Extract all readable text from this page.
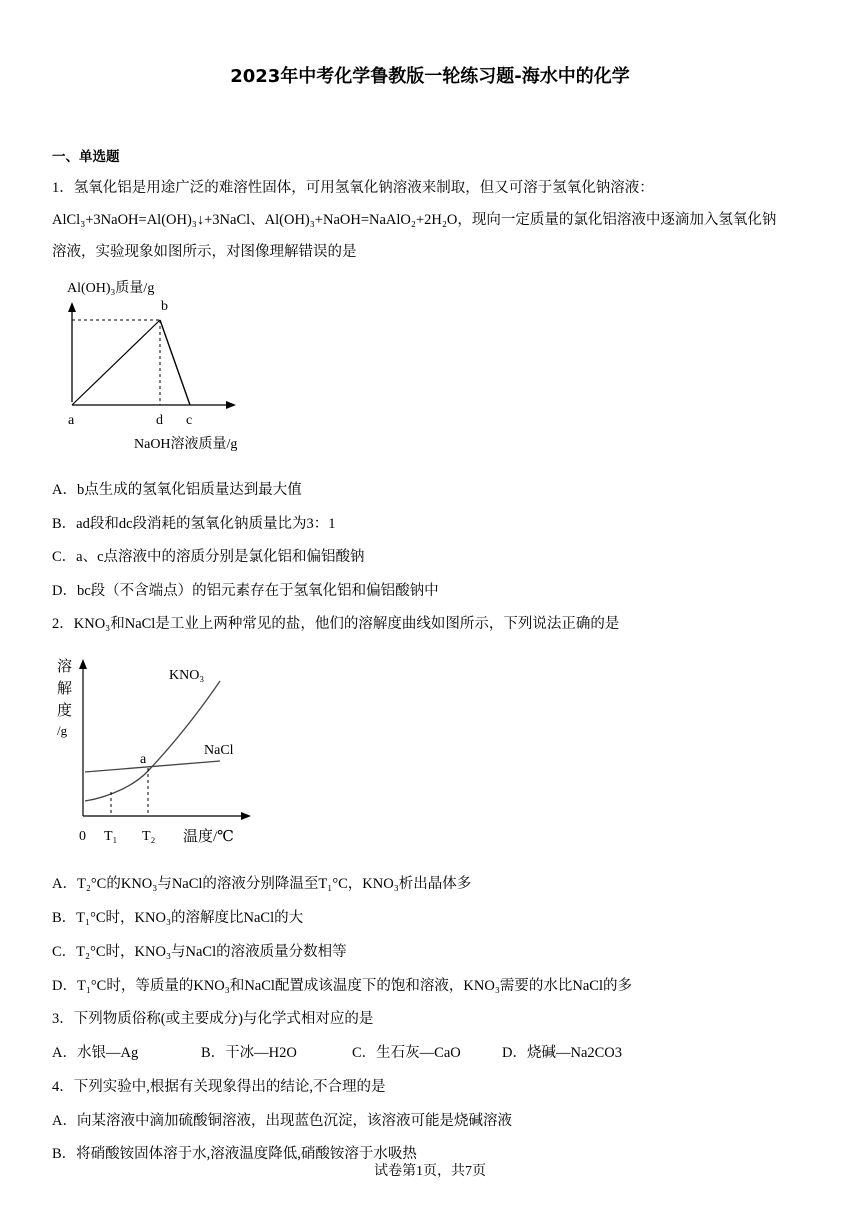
2023年中考化学鲁教版一轮练习题-海水中的化学
一、单选题
1．氢氧化铝是用途广泛的难溶性固体，可用氢氧化钠溶液来制取，但又可溶于氢氧化钠溶液：
AlCl₃+3NaOH=Al(OH)₃↓+3NaCl、Al(OH)₃+NaOH=NaAlO₂+2H₂O，现向一定质量的氯化铝溶液中逐滴加入氢氧化钠
溶液，实验现象如图所示，对图像理解错误的是
Al(OH)₃质量/g
b
a	d c
NaOH溶液质量/g
A．b点生成的氢氧化铝质量达到最大值
B．ad段和dc段消耗的氢氧化钠质量比为3：1
C．a、c点溶液中的溶质分别是氯化铝和偏铝酸钠
D．bc段（不含端点）的铝元素存在于氢氧化铝和偏铝酸钠中
2．KNO₃和NaCl是工业上两种常见的盐，他们的溶解度曲线如图所示，下列说法正确的是
溶
解
度
/g
KNO₃
NaCl
a
0 T₁ T₂ 温度/℃
A．T₂°C的KNO₃与NaCl的溶液分别降温至T₁°C，KNO₃析出晶体多
B．T₁°C时，KNO₃的溶解度比NaCl的大
C．T₂°C时，KNO₃与NaCl的溶液质量分数相等
D．T₁°C时，等质量的KNO₃和NaCl配置成该温度下的饱和溶液，KNO₃需要的水比NaCl的多
3．下列物质俗称(或主要成分)与化学式相对应的是
A．水银—Ag	B．干冰—H2O	C．生石灰—CaO	D．烧碱—Na2CO3
4．下列实验中,根据有关现象得出的结论,不合理的是
A．向某溶液中滴加硫酸铜溶液，出现蓝色沉淀，该溶液可能是烧碱溶液
B．将硝酸铵固体溶于水,溶液温度降低,硝酸铵溶于水吸热
试卷第1页，共7页
